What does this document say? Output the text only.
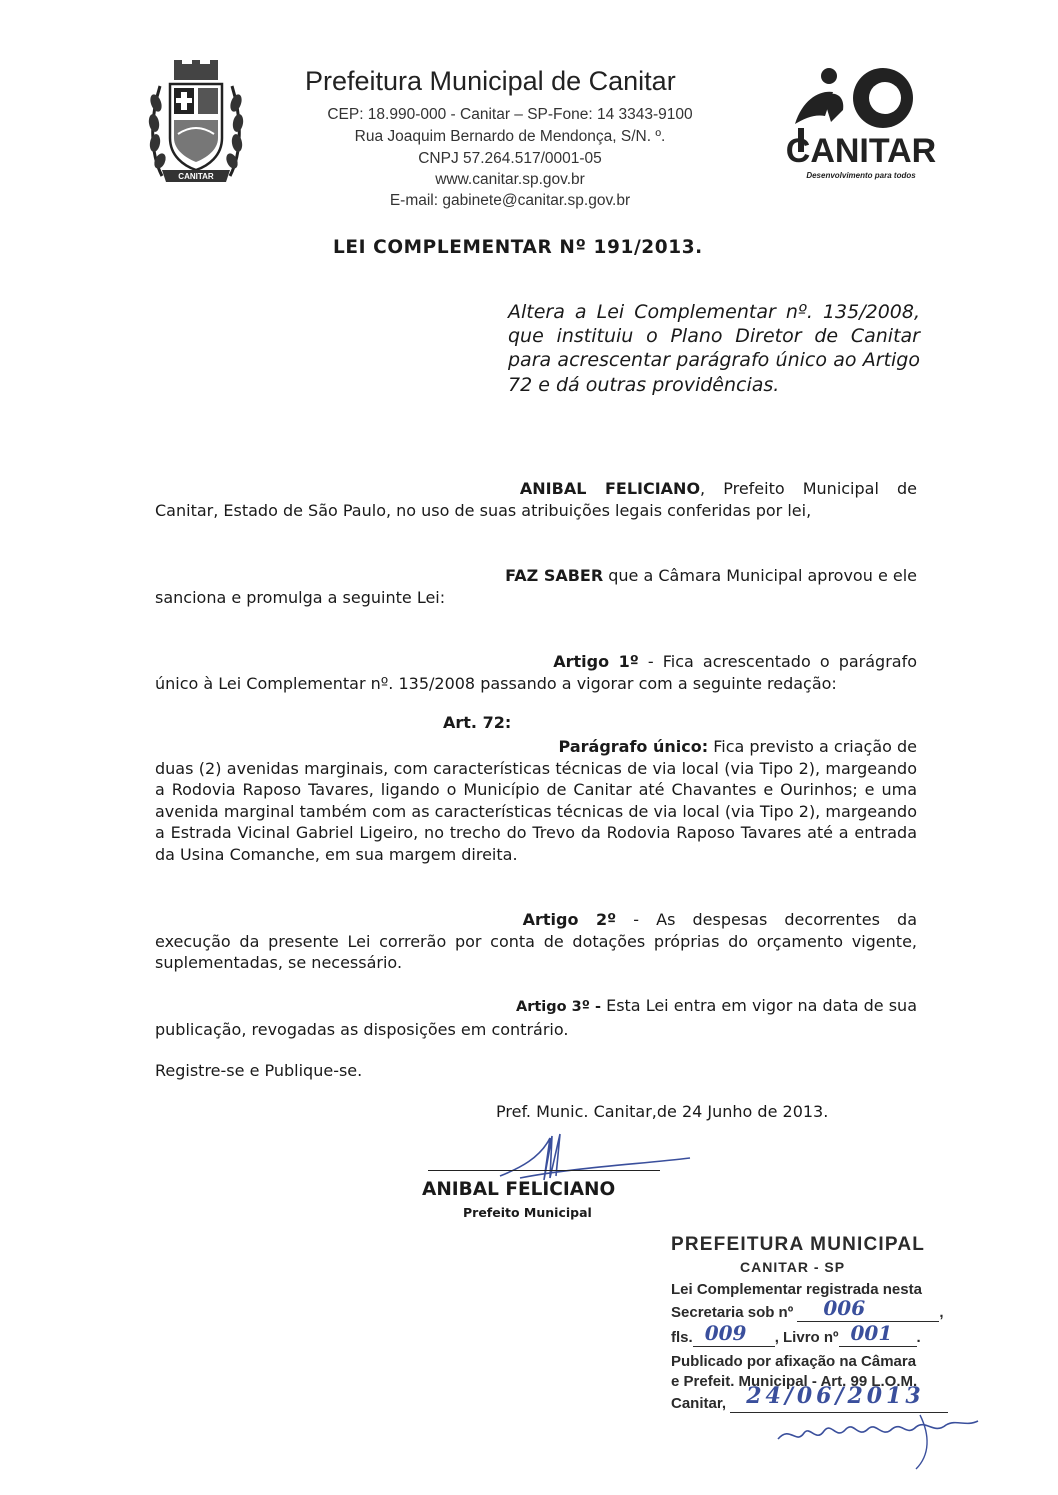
CANITAR
Prefeitura Municipal de Canitar
CEP: 18.990-000 - Canitar – SP-Fone: 14 3343-9100
Rua Joaquim Bernardo de Mendonça, S/N. º.
CNPJ 57.264.517/0001-05
www.canitar.sp.gov.br
E-mail: gabinete@canitar.sp.gov.br
CANITAR
Desenvolvimento para todos
LEI COMPLEMENTAR Nº 191/2013.
Altera a Lei Complementar nº. 135/2008, que instituiu o Plano Diretor de Canitar para acrescentar parágrafo único ao Artigo 72 e dá outras providências.
ANIBAL FELICIANO, Prefeito Municipal de
Canitar, Estado de São Paulo, no uso de suas atribuições legais conferidas por lei,
FAZ SABER que a Câmara Municipal aprovou e ele
sanciona e promulga a seguinte Lei:
Artigo 1º - Fica acrescentado o parágrafo
único à Lei Complementar nº. 135/2008 passando a vigorar com a seguinte redação:
Art. 72:
Parágrafo único: Fica previsto a criação de
duas (2) avenidas marginais, com características técnicas de via local (via Tipo 2), margeando a Rodovia Raposo Tavares, ligando o Município de Canitar até Chavantes e Ourinhos; e uma avenida marginal também com as características técnicas de via local (via Tipo 2), margeando a Estrada Vicinal Gabriel Ligeiro, no trecho do Trevo da Rodovia Raposo Tavares até a entrada da Usina Comanche, em sua margem direita.
Artigo 2º - As despesas decorrentes da
execução da presente Lei correrão por conta de dotações próprias do orçamento vigente, suplementadas, se necessário.
Artigo 3º - Esta Lei entra em vigor na data de sua
publicação, revogadas as disposições em contrário.
Registre-se e Publique-se.
Pref. Munic. Canitar,de 24 Junho de 2013.
ANIBAL FELICIANO
Prefeito Municipal
PREFEITURA MUNICIPAL
CANITAR - SP
Lei Complementar registrada nesta
Secretaria sob nº 006	,
fls. 009 , Livro nº 001 .
Publicado por afixação na Câmara
e Prefeit. Municipal - Art. 99 L.O.M.
Canitar, 24/06/2013
